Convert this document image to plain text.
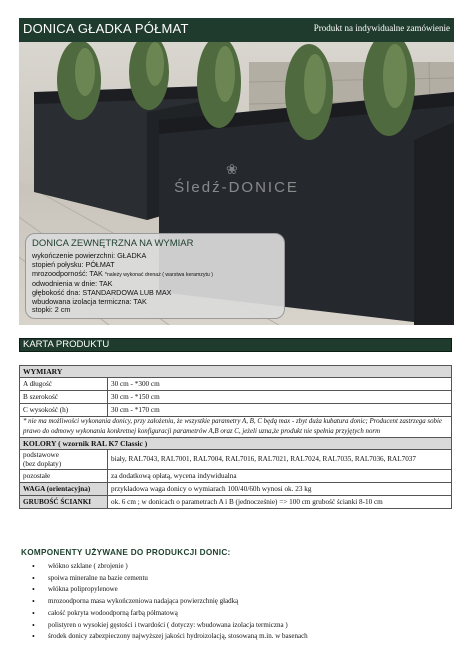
DONICA GŁADKA PÓŁMAT	Produkt na indywidualne zamówienie
❀
Śledź-DONICE
DONICA ZEWNĘTRZNA NA WYMIAR
wykończenie powierzchni: GŁADKA
stopień połysku: PÓŁMAT
mrozoodporność: TAK *należy wykonać drenaż ( warstwa keramzytu )
odwodnienia w dnie: TAK
głębokość dna: STANDARDOWA LUB MAX
wbudowana izolacja termiczna: TAK
stopki: 2 cm
KARTA PRODUKTU
WYMIARY	
A długość	30 cm - *300 cm
B szerokość	30 cm - *150 cm
C wysokość (h)	30 cm - *170 cm
* nie ma możliwości wykonania donicy, przy założeniu, że wszystkie parametry A, B, C będą max - zbyt duża kubatura donic; Producent zastrzega sobie prawo do odmowy wykonania konkretnej konfiguracji parametrów A,B oraz C, jeżeli uzna,że produkt nie spełnia przyjętych norm	
KOLORY ( wzornik RAL K7 Classic )	
podstawowe
(bez dopłaty)	biały, RAL7043, RAL7001, RAL7004, RAL7016, RAL7021, RAL7024, RAL7035, RAL7036, RAL7037
pozostałe	za dodatkową opłatą, wycena indywidualna
WAGA (orientacyjna)	przykładowa waga donicy o wymiarach 100/40/60h wynosi ok. 23 kg
GRUBOŚĆ ŚCIANKI	ok. 6 cm ; w donicach o parametrach A i B (jednocześnie) => 100 cm grubość ścianki 8-10 cm
KOMPONENTY UŻYWANE DO PRODUKCJI DONIC:
• włókno szklane ( zbrojenie )
• spoiwa mineralne na bazie cementu
• włókna polipropylenowe
• mrozoodporna masa wykończeniowa nadająca powierzchnię gładką
• całość pokryta wodoodporną farbą półmatową
• polistyren o wysokiej gęstości i twardości ( dotyczy: wbudowana izolacja termiczna )
• środek donicy zabezpieczony najwyższej jakości hydroizolacją, stosowaną m.in. w basenach
